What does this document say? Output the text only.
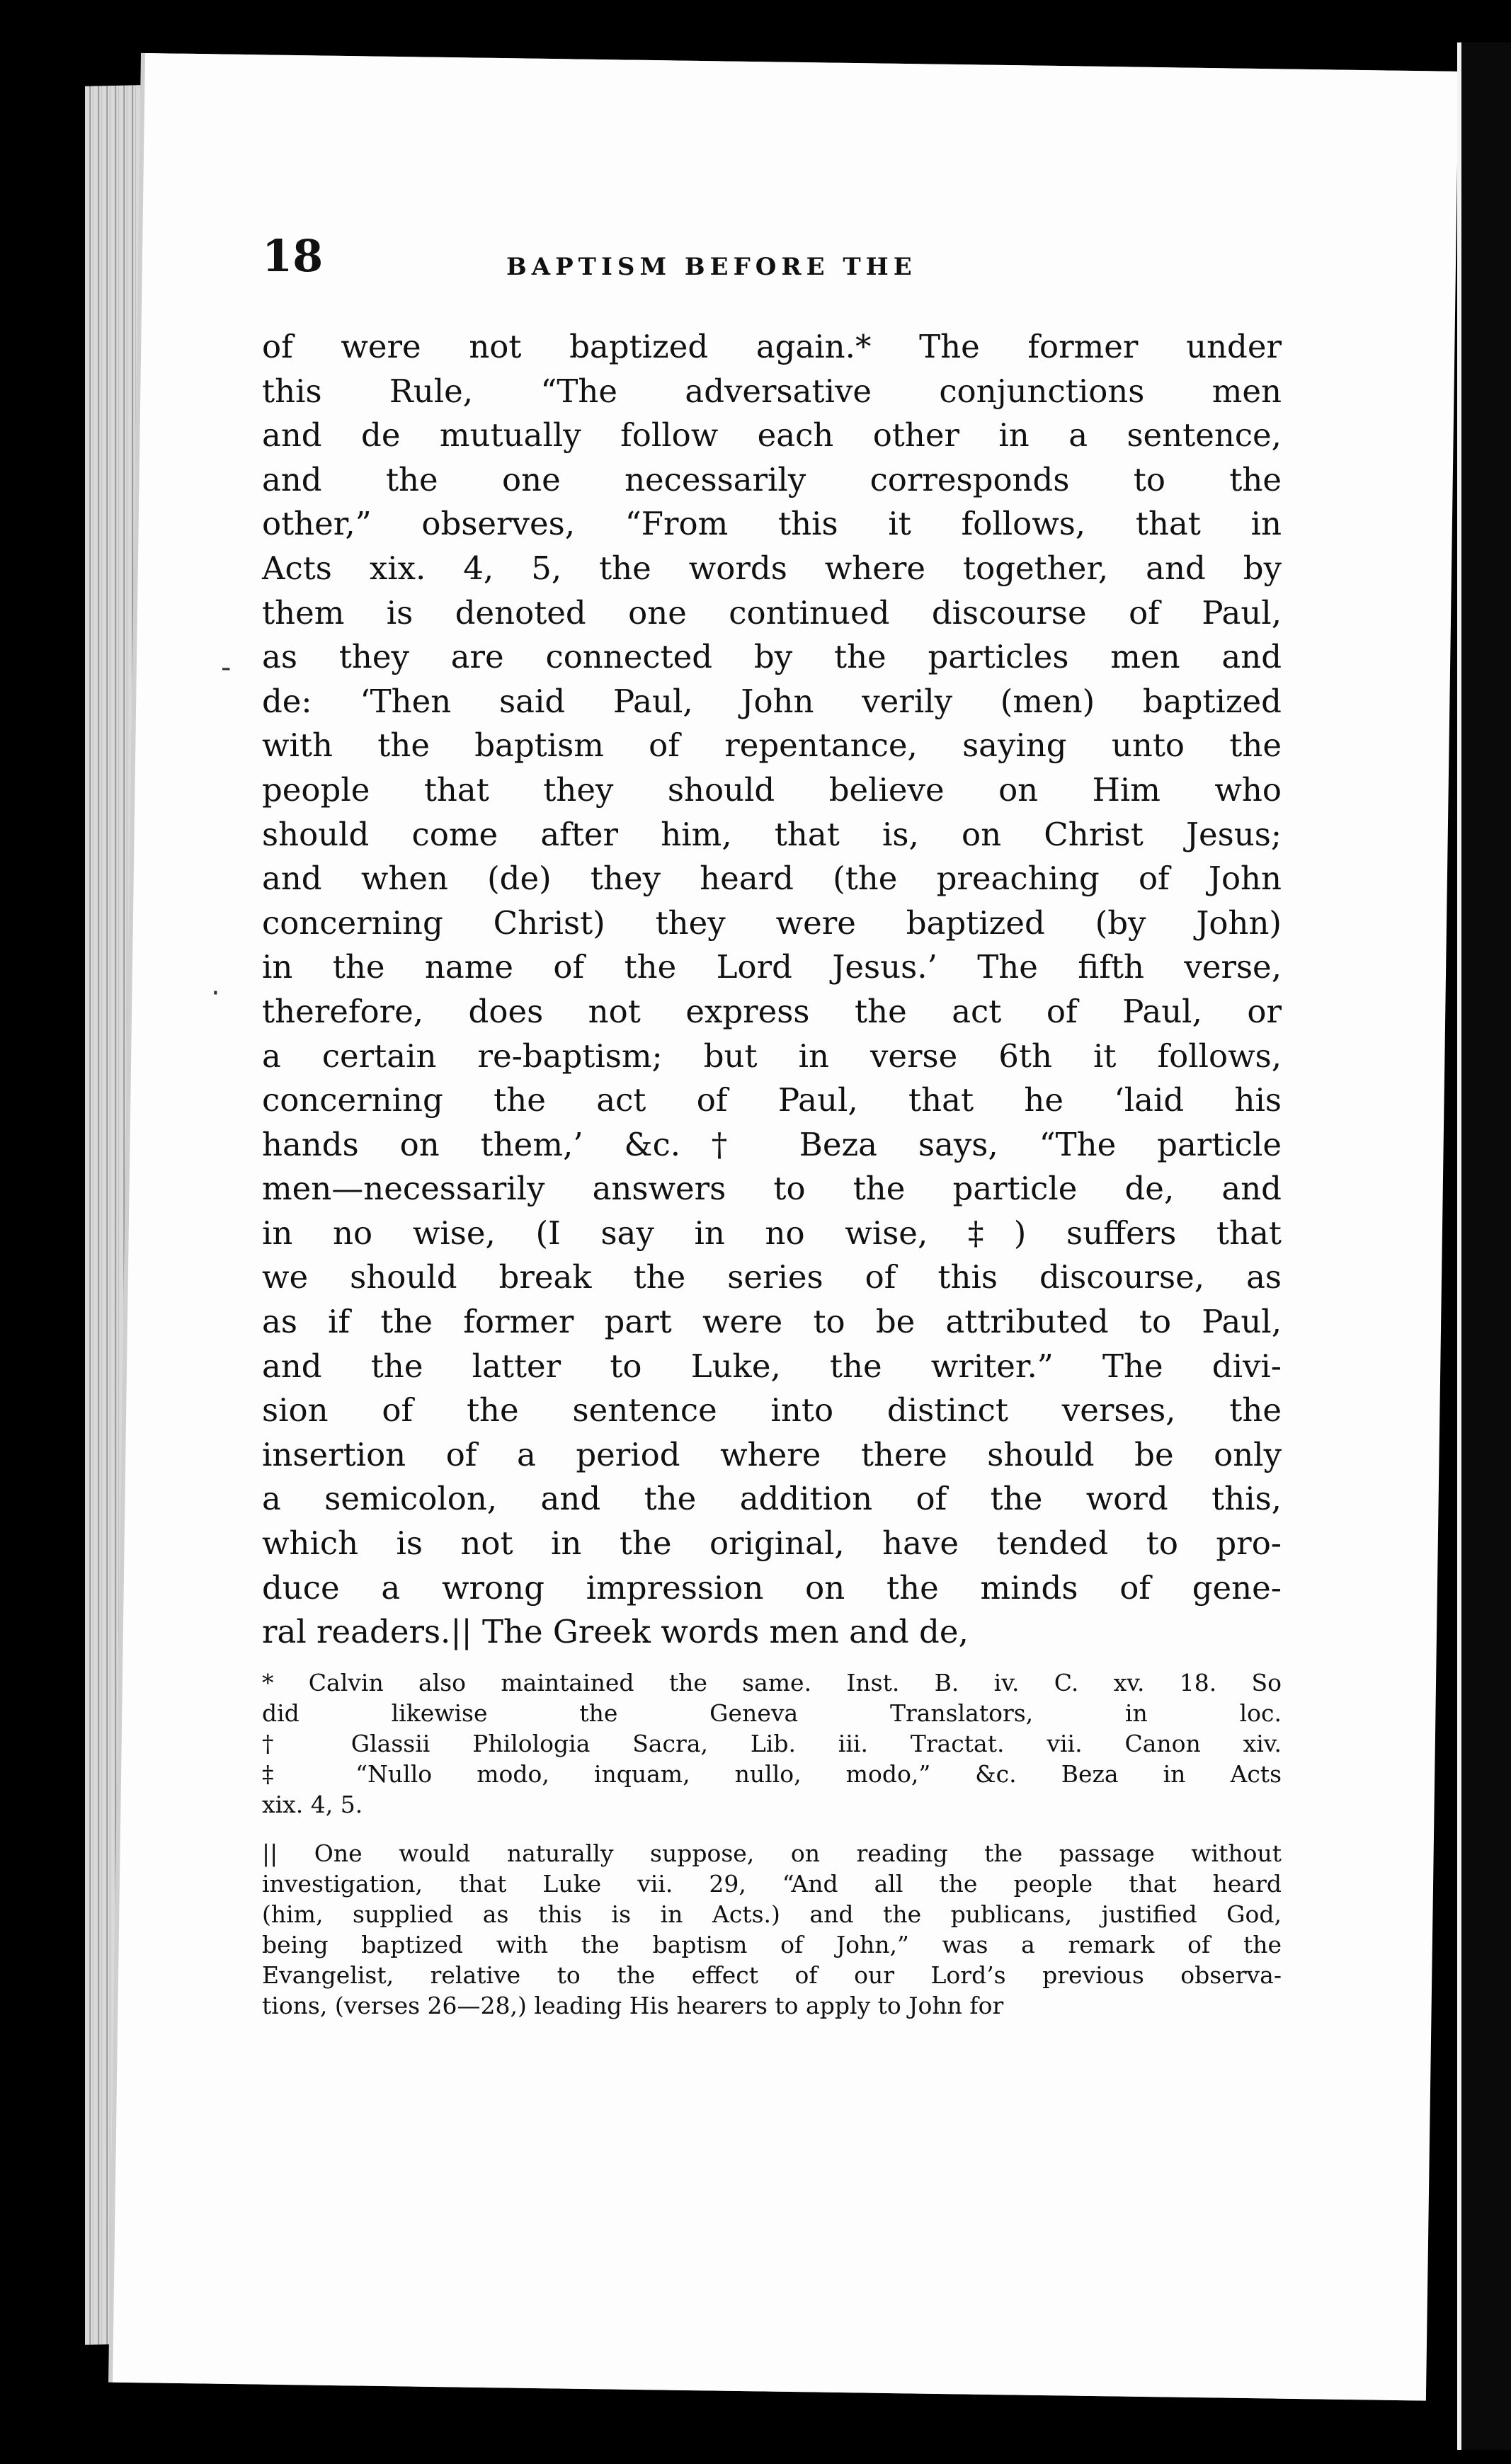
‑
·
18	BAPTISM BEFORE THE
of were not baptized again.* The former under
this Rule, “The adversative conjunctions men
and de mutually follow each other in a sentence,
and the one necessarily corresponds to the
other,” observes, “From this it follows, that in
Acts xix. 4, 5, the words where together, and by
them is denoted one continued discourse of Paul,
as they are connected by the particles men and
de: ‘Then said Paul, John verily (men) baptized
with the baptism of repentance, saying unto the
people that they should believe on Him who
should come after him, that is, on Christ Jesus;
and when (de) they heard (the preaching of John
concerning Christ) they were baptized (by John)
in the name of the Lord Jesus.’ The fifth verse,
therefore, does not express the act of Paul, or
a certain re-baptism; but in verse 6th it follows,
concerning the act of Paul, that he ‘laid his
hands on them,’ &c.† Beza says, “The particle
men—necessarily answers to the particle de, and
in no wise, (I say in no wise, ‡) suffers that
we should break the series of this discourse, as
as if the former part were to be attributed to Paul,
and the latter to Luke, the writer.” The divi-
sion of the sentence into distinct verses, the
insertion of a period where there should be only
a semicolon, and the addition of the word this,
which is not in the original, have tended to pro-
duce a wrong impression on the minds of gene-
ral readers.|| The Greek words men and de,
* Calvin also maintained the same. Inst. B. iv. C. xv. 18. So
did likewise the Geneva Translators, in loc.
† Glassii Philologia Sacra, Lib. iii. Tractat. vii. Canon xiv.
‡ “Nullo modo, inquam, nullo, modo,” &c. Beza in Acts
xix. 4, 5.
|| One would naturally suppose, on reading the passage without
investigation, that Luke vii. 29, “And all the people that heard
(him, supplied as this is in Acts.) and the publicans, justified God,
being baptized with the baptism of John,” was a remark of the
Evangelist, relative to the effect of our Lord’s previous observa-
tions, (verses 26—28,) leading His hearers to apply to John for
